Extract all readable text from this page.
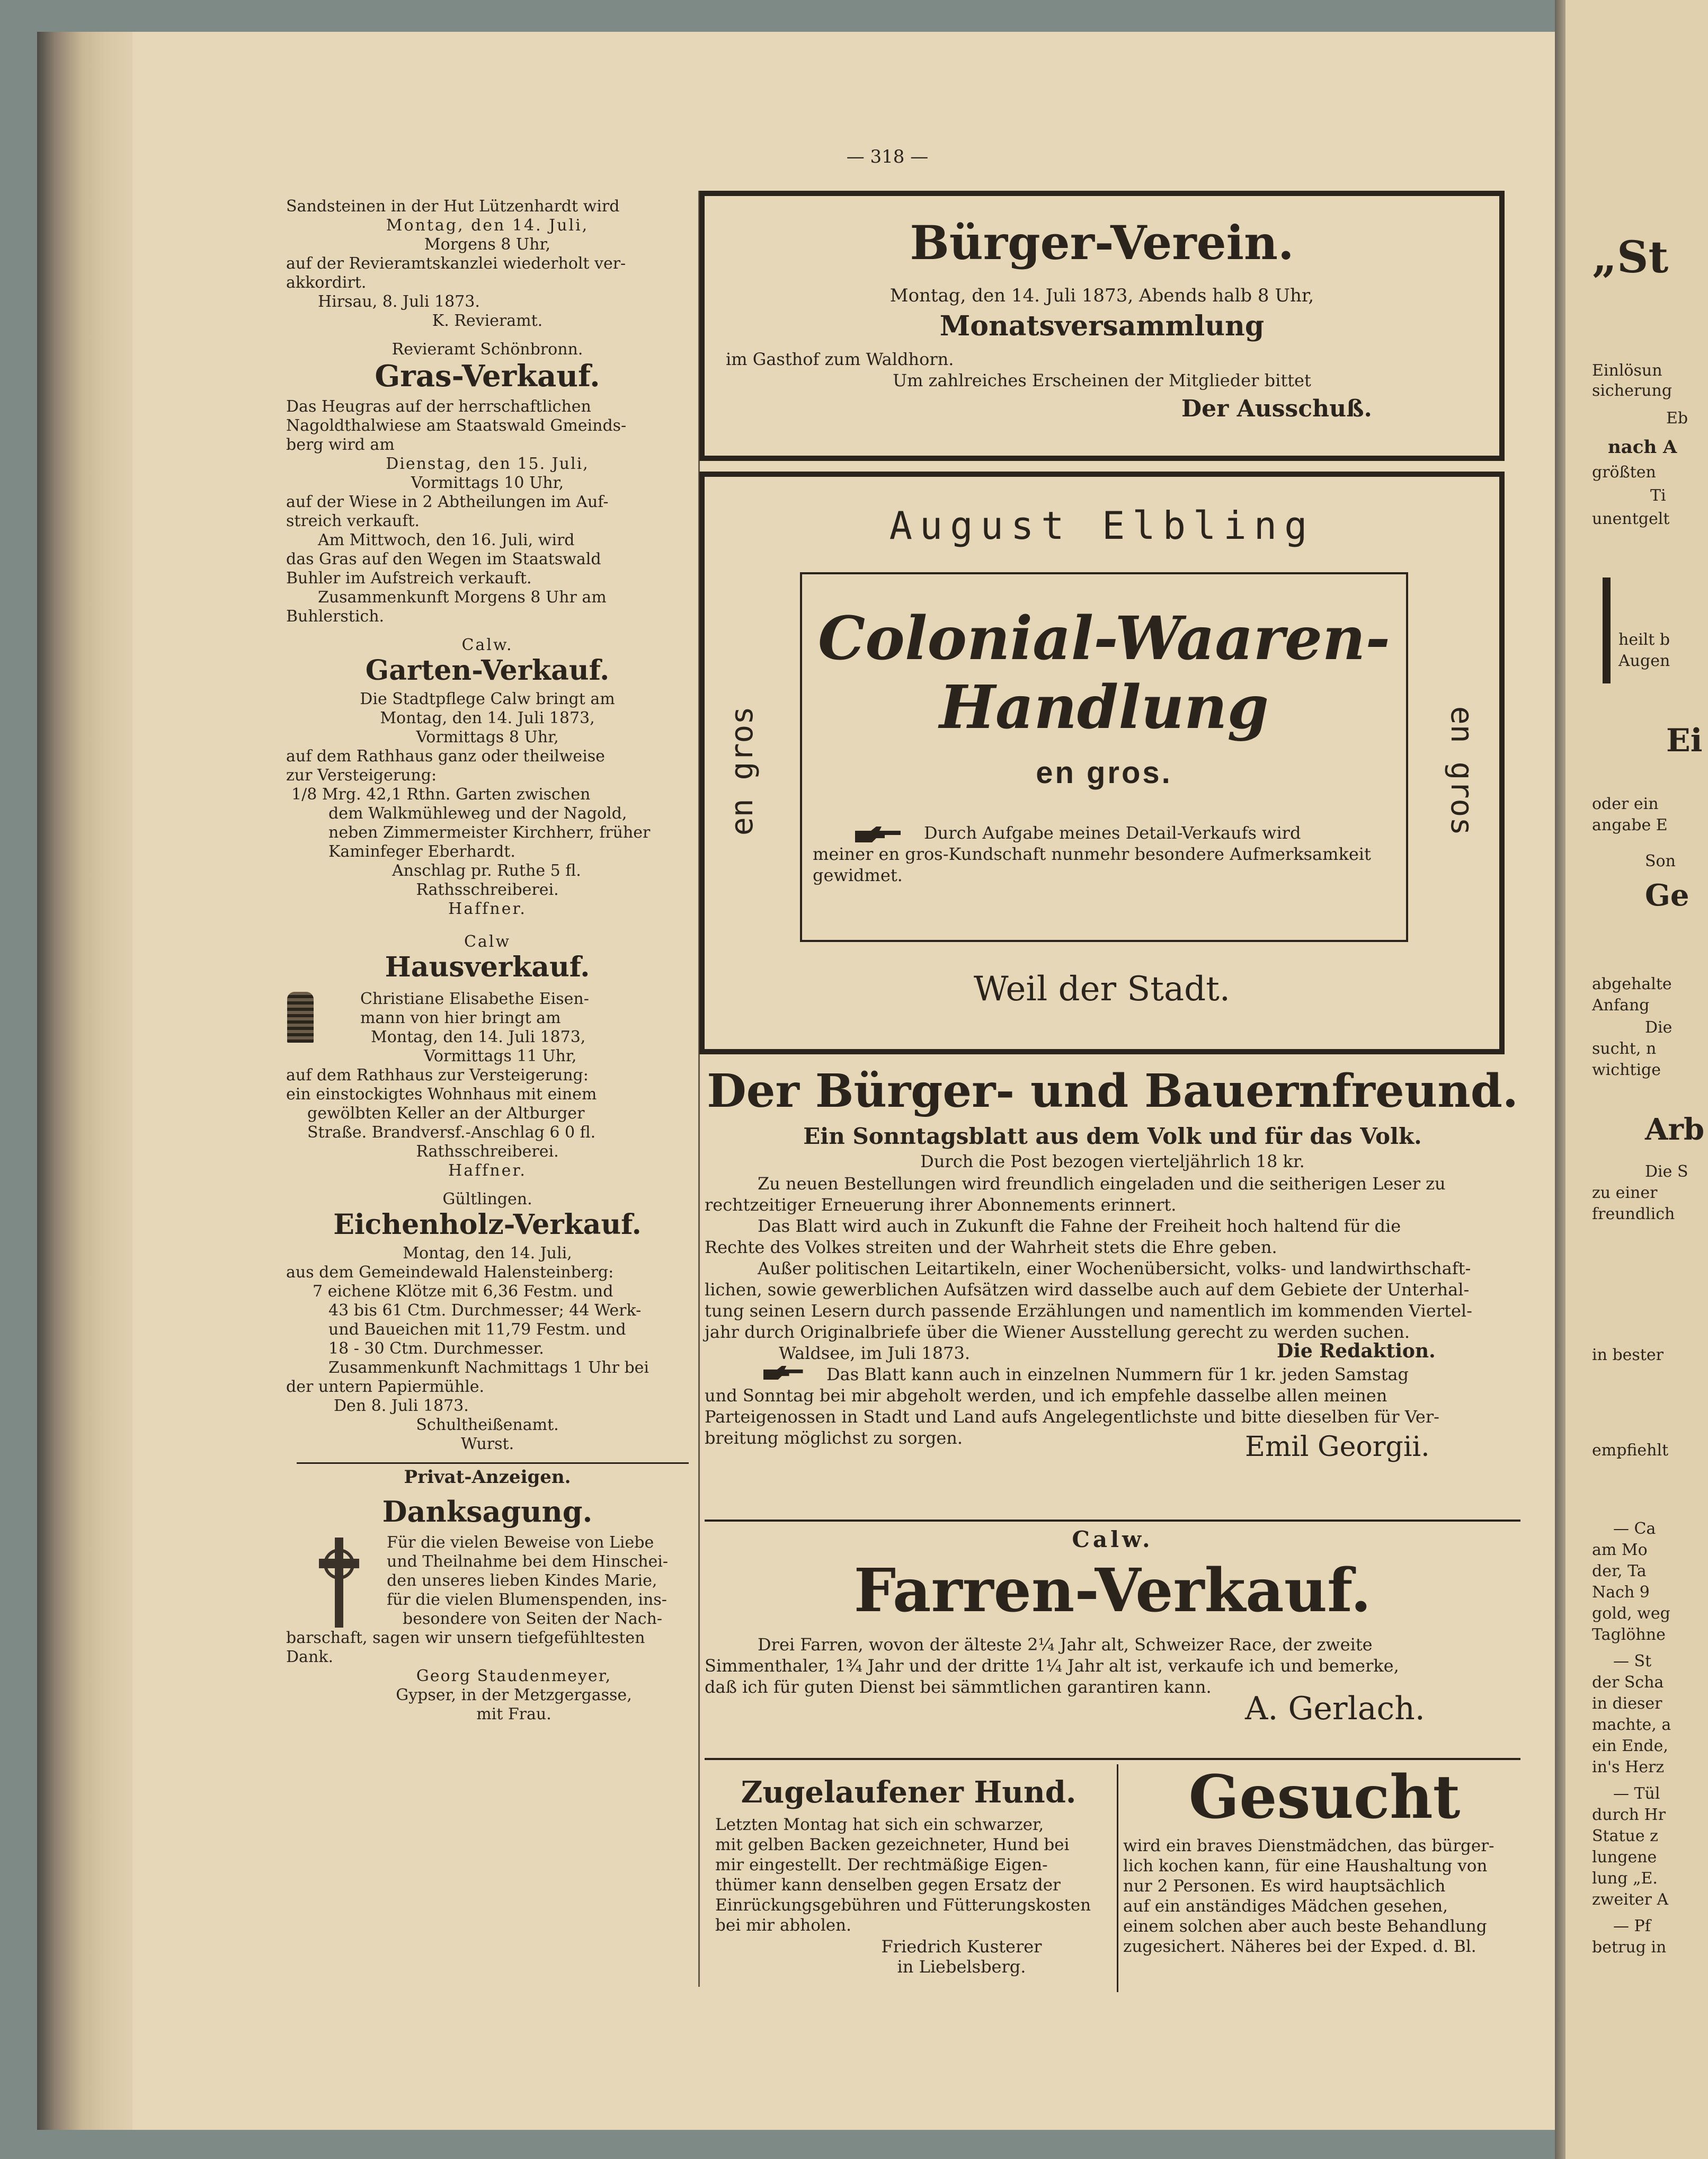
— 318 —
Sandsteinen in der Hut Lützenhardt wird
Montag, den 14. Juli,
Morgens 8 Uhr,
auf der Revieramtskanzlei wiederholt ver-
akkordirt.
Hirsau, 8. Juli 1873.
K. Revieramt.
Revieramt Schönbronn.
Gras-Verkauf.
Das Heugras auf der herrschaftlichen
Nagoldthalwiese am Staatswald Gmeinds-
berg wird am
Dienstag, den 15. Juli,
Vormittags 10 Uhr,
auf der Wiese in 2 Abtheilungen im Auf-
streich verkauft.
Am Mittwoch, den 16. Juli, wird
das Gras auf den Wegen im Staatswald
Buhler im Aufstreich verkauft.
Zusammenkunft Morgens 8 Uhr am
Buhlerstich.
Calw.
Garten-Verkauf.
Die Stadtpflege Calw bringt am
Montag, den 14. Juli 1873,
Vormittags 8 Uhr,
auf dem Rathhaus ganz oder theilweise
zur Versteigerung:
1/8 Mrg. 42,1 Rthn. Garten zwischen
dem Walkmühleweg und der Nagold,
neben Zimmermeister Kirchherr, früher
Kaminfeger Eberhardt.
Anschlag pr. Ruthe 5 fl.
Rathsschreiberei.
Haffner.
Calw
Hausverkauf.
Christiane Elisabethe Eisen-
mann von hier bringt am
Montag, den 14. Juli 1873,
Vormittags 11 Uhr,
auf dem Rathhaus zur Versteigerung:
ein einstockigtes Wohnhaus mit einem
gewölbten Keller an der Altburger
Straße. Brandversf.-Anschlag 6 0 fl.
Rathsschreiberei.
Haffner.
Gültlingen.
Eichenholz-Verkauf.
Montag, den 14. Juli,
aus dem Gemeindewald Halensteinberg:
7 eichene Klötze mit 6,36 Festm. und
43 bis 61 Ctm. Durchmesser; 44 Werk-
und Baueichen mit 11,79 Festm. und
18 - 30 Ctm. Durchmesser.
Zusammenkunft Nachmittags 1 Uhr bei
der untern Papiermühle.
Den 8. Juli 1873.
Schultheißenamt.
Wurst.
Privat-Anzeigen.
Danksagung.
Für die vielen Beweise von Liebe
und Theilnahme bei dem Hinschei-
den unseres lieben Kindes Marie,
für die vielen Blumenspenden, ins-
besondere von Seiten der Nach-
barschaft, sagen wir unsern tiefgefühltesten
Dank.
Georg Staudenmeyer,
Gypser, in der Metzgergasse,
mit Frau.
Bürger-Verein.
Montag, den 14. Juli 1873, Abends halb 8 Uhr,
Monatsversammlung
im Gasthof zum Waldhorn.
Um zahlreiches Erscheinen der Mitglieder bittet
Der Ausschuß.
August Elbling
en gros	en gros
Colonial-Waaren-
Handlung
en gros.
Durch Aufgabe meines Detail-Verkaufs wird
meiner en gros-Kundschaft nunmehr besondere Aufmerksamkeit
gewidmet.
Weil der Stadt.
Der Bürger- und Bauernfreund.
Ein Sonntagsblatt aus dem Volk und für das Volk.
Durch die Post bezogen vierteljährlich 18 kr.
Zu neuen Bestellungen wird freundlich eingeladen und die seitherigen Leser zu
rechtzeitiger Erneuerung ihrer Abonnements erinnert.
Das Blatt wird auch in Zukunft die Fahne der Freiheit hoch haltend für die
Rechte des Volkes streiten und der Wahrheit stets die Ehre geben.
Außer politischen Leitartikeln, einer Wochenübersicht, volks- und landwirthschaft-
lichen, sowie gewerblichen Aufsätzen wird dasselbe auch auf dem Gebiete der Unterhal-
tung seinen Lesern durch passende Erzählungen und namentlich im kommenden Viertel-
jahr durch Originalbriefe über die Wiener Ausstellung gerecht zu werden suchen.
Waldsee, im Juli 1873.	Die Redaktion.
Das Blatt kann auch in einzelnen Nummern für 1 kr. jeden Samstag
und Sonntag bei mir abgeholt werden, und ich empfehle dasselbe allen meinen
Parteigenossen in Stadt und Land aufs Angelegentlichste und bitte dieselben für Ver-
breitung möglichst zu sorgen.	Emil Georgii.
Calw.
Farren-Verkauf.
Drei Farren, wovon der älteste 2¼ Jahr alt, Schweizer Race, der zweite
Simmenthaler, 1¾ Jahr und der dritte 1¼ Jahr alt ist, verkaufe ich und bemerke,
daß ich für guten Dienst bei sämmtlichen garantiren kann.
A. Gerlach.
Zugelaufener Hund.
Letzten Montag hat sich ein schwarzer,
mit gelben Backen gezeichneter, Hund bei
mir eingestellt. Der rechtmäßige Eigen-
thümer kann denselben gegen Ersatz der
Einrückungsgebühren und Fütterungskosten
bei mir abholen.
Friedrich Kusterer
in Liebelsberg.
Gesucht
wird ein braves Dienstmädchen, das bürger-
lich kochen kann, für eine Haushaltung von
nur 2 Personen. Es wird hauptsächlich
auf ein anständiges Mädchen gesehen,
einem solchen aber auch beste Behandlung
zugesichert. Näheres bei der Exped. d. Bl.
„St
Einlösun
sicherung
Eb
nach A
größten
Ti
unentgelt
heilt b
Augen
Ei
oder ein
angabe E
Son
Ge
abgehalte
Anfang
Die
sucht, n
wichtige
Arb
Die S
zu einer
freundlich
in bester
empfiehlt
— Ca
am Mo
der, Ta
Nach 9
gold, weg
Taglöhne
— St
der Scha
in dieser
machte, a
ein Ende,
in's Herz
— Tül
durch Hr
Statue z
lungene
lung „E.
zweiter A
— Pf
betrug in
